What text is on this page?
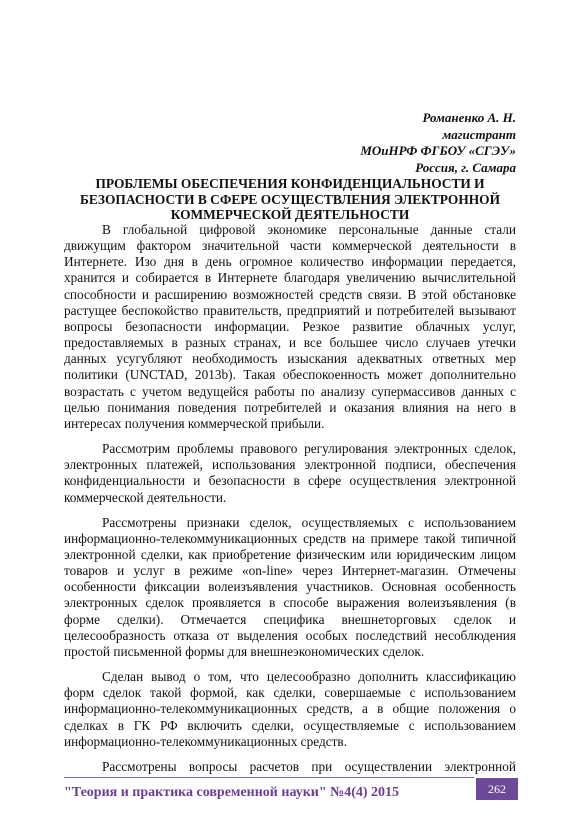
Романенко А. Н.
магистрант
МОиНРФ ФГБОУ «СГЭУ»
Россия, г. Самара
ПРОБЛЕМЫ ОБЕСПЕЧЕНИЯ КОНФИДЕНЦИАЛЬНОСТИ И БЕЗОПАСНОСТИ В СФЕРЕ ОСУЩЕСТВЛЕНИЯ ЭЛЕКТРОННОЙ КОММЕРЧЕСКОЙ ДЕЯТЕЛЬНОСТИ

В глобальной цифровой экономике персональные данные стали движущим фактором значительной части коммерческой деятельности в Интернете. Изо дня в день огромное количество информации передается, хранится и собирается в Интернете благодаря увеличению вычислительной способности и расширению возможностей средств связи. В этой обстановке растущее беспокойство правительств, предприятий и потребителей вызывают вопросы безопасности информации. Резкое развитие облачных услуг, предоставляемых в разных странах, и все большее число случаев утечки данных усугубляют необходимость изыскания адекватных ответных мер политики (UNCTAD, 2013b). Такая обеспокоенность может дополнительно возрастать с учетом ведущейся работы по анализу супермассивов данных с целью понимания поведения потребителей и оказания влияния на него в интересах получения коммерческой прибыли.

Рассмотрим проблемы правового регулирования электронных сделок, электронных платежей, использования электронной подписи, обеспечения конфиденциальности и безопасности в сфере осуществления электронной коммерческой деятельности.

Рассмотрены признаки сделок, осуществляемых с использованием информационно-телекоммуникационных средств на примере такой типичной электронной сделки, как приобретение физическим или юридическим лицом товаров и услуг в режиме «on-line» через Интернет-магазин. Отмечены особенности фиксации волеизъявления участников. Основная особенность электронных сделок проявляется в способе выражения волеизъявления (в форме сделки). Отмечается специфика внешнеторговых сделок и целесообразность отказа от выделения особых последствий несоблюдения простой письменной формы для внешнеэкономических сделок.

Сделан вывод о том, что целесообразно дополнить классификацию форм сделок такой формой, как сделки, совершаемые с использованием информационно-телекоммуникационных средств, а в общие положения о сделках в ГК РФ включить сделки, осуществляемые с использованием информационно-телекоммуникационных средств.

Рассмотрены вопросы расчетов при осуществлении электронной

"Теория и практика современной науки" №4(4) 2015	262
